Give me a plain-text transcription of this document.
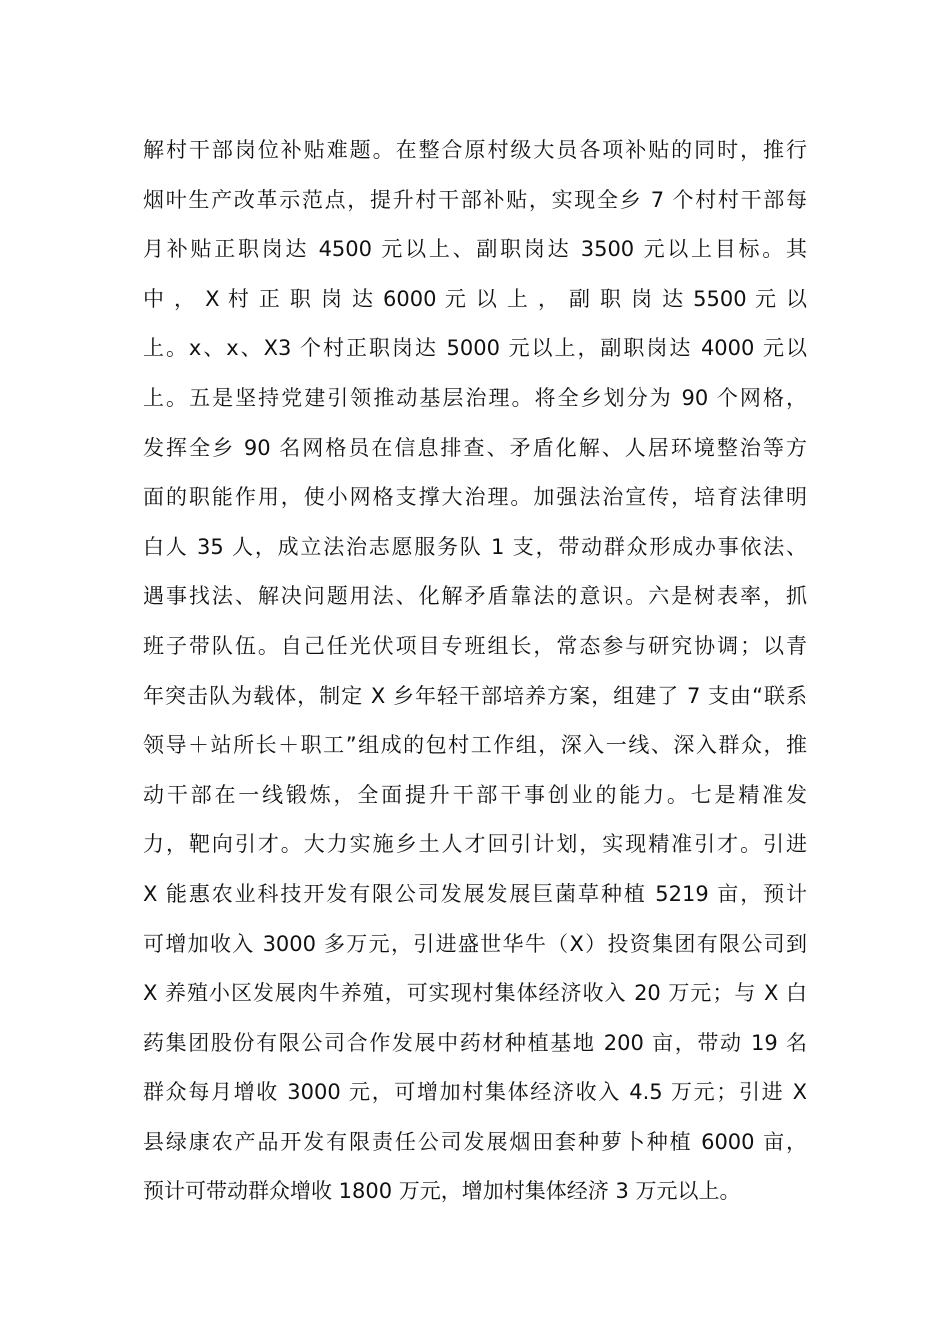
解村干部岗位补贴难题。在整合原村级大员各项补贴的同时，推行
烟叶生产改革示范点，提升村干部补贴，实现全乡 7 个村村干部每
月补贴正职岗达 4500 元以上、副职岗达 3500 元以上目标。其
中 ， X 村 正 职 岗 达 6000 元 以 上 ， 副 职 岗 达 5500 元 以
上。x、x、X3 个村正职岗达 5000 元以上，副职岗达 4000 元以
上。五是坚持党建引领推动基层治理。将全乡划分为 90 个网格，
发挥全乡 90 名网格员在信息排查、矛盾化解、人居环境整治等方
面的职能作用，使小网格支撑大治理。加强法治宣传，培育法律明
白人 35 人，成立法治志愿服务队 1 支，带动群众形成办事依法、
遇事找法、解决问题用法、化解矛盾靠法的意识。六是树表率，抓
班子带队伍。自己任光伏项目专班组长，常态参与研究协调；以青
年突击队为载体，制定 X 乡年轻干部培养方案，组建了 7 支由“联系
领导＋站所长＋职工”组成的包村工作组，深入一线、深入群众，推
动干部在一线锻炼，全面提升干部干事创业的能力。七是精准发
力，靶向引才。大力实施乡土人才回引计划，实现精准引才。引进
X 能惠农业科技开发有限公司发展发展巨菌草种植 5219 亩，预计
可增加收入 3000 多万元，引进盛世华牛（X）投资集团有限公司到
X 养殖小区发展肉牛养殖，可实现村集体经济收入 20 万元；与 X 白
药集团股份有限公司合作发展中药材种植基地 200 亩，带动 19 名
群众每月增收 3000 元，可增加村集体经济收入 4.5 万元；引进 X
县绿康农产品开发有限责任公司发展烟田套种萝卜种植 6000 亩，
预计可带动群众增收 1800 万元，增加村集体经济 3 万元以上。
